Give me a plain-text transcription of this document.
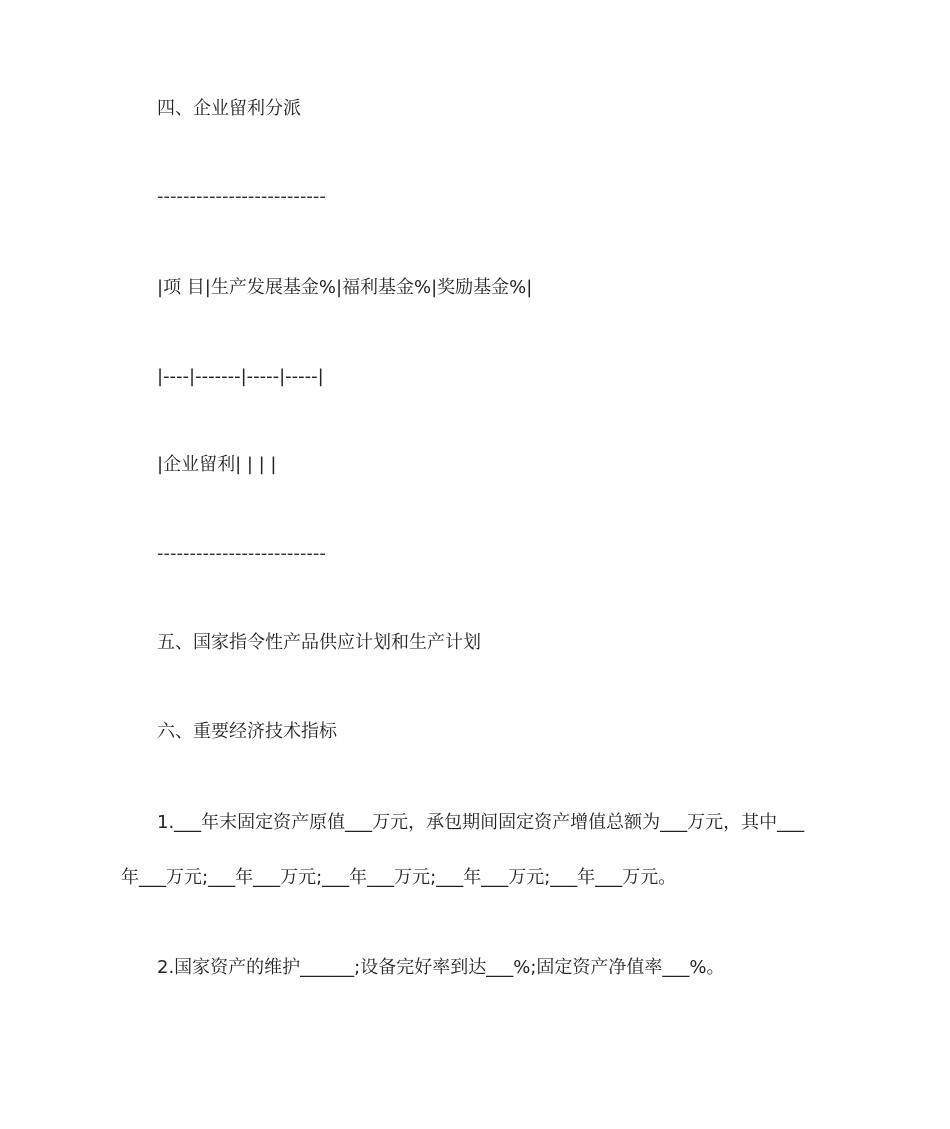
四、企业留利分派

--------------------------

|项 目|生产发展基金%|福利基金%|奖励基金%|

|----|-------|-----|-----|

|企业留利| | | |

--------------------------

五、国家指令性产品供应计划和生产计划

六、重要经济技术指标

1.___年末固定资产原值___万元，承包期间固定资产增值总额为___万元，其中___

年___万元;___年___万元;___年___万元;___年___万元;___年___万元。

2.国家资产的维护______;设备完好率到达___%;固定资产净值率___%。
